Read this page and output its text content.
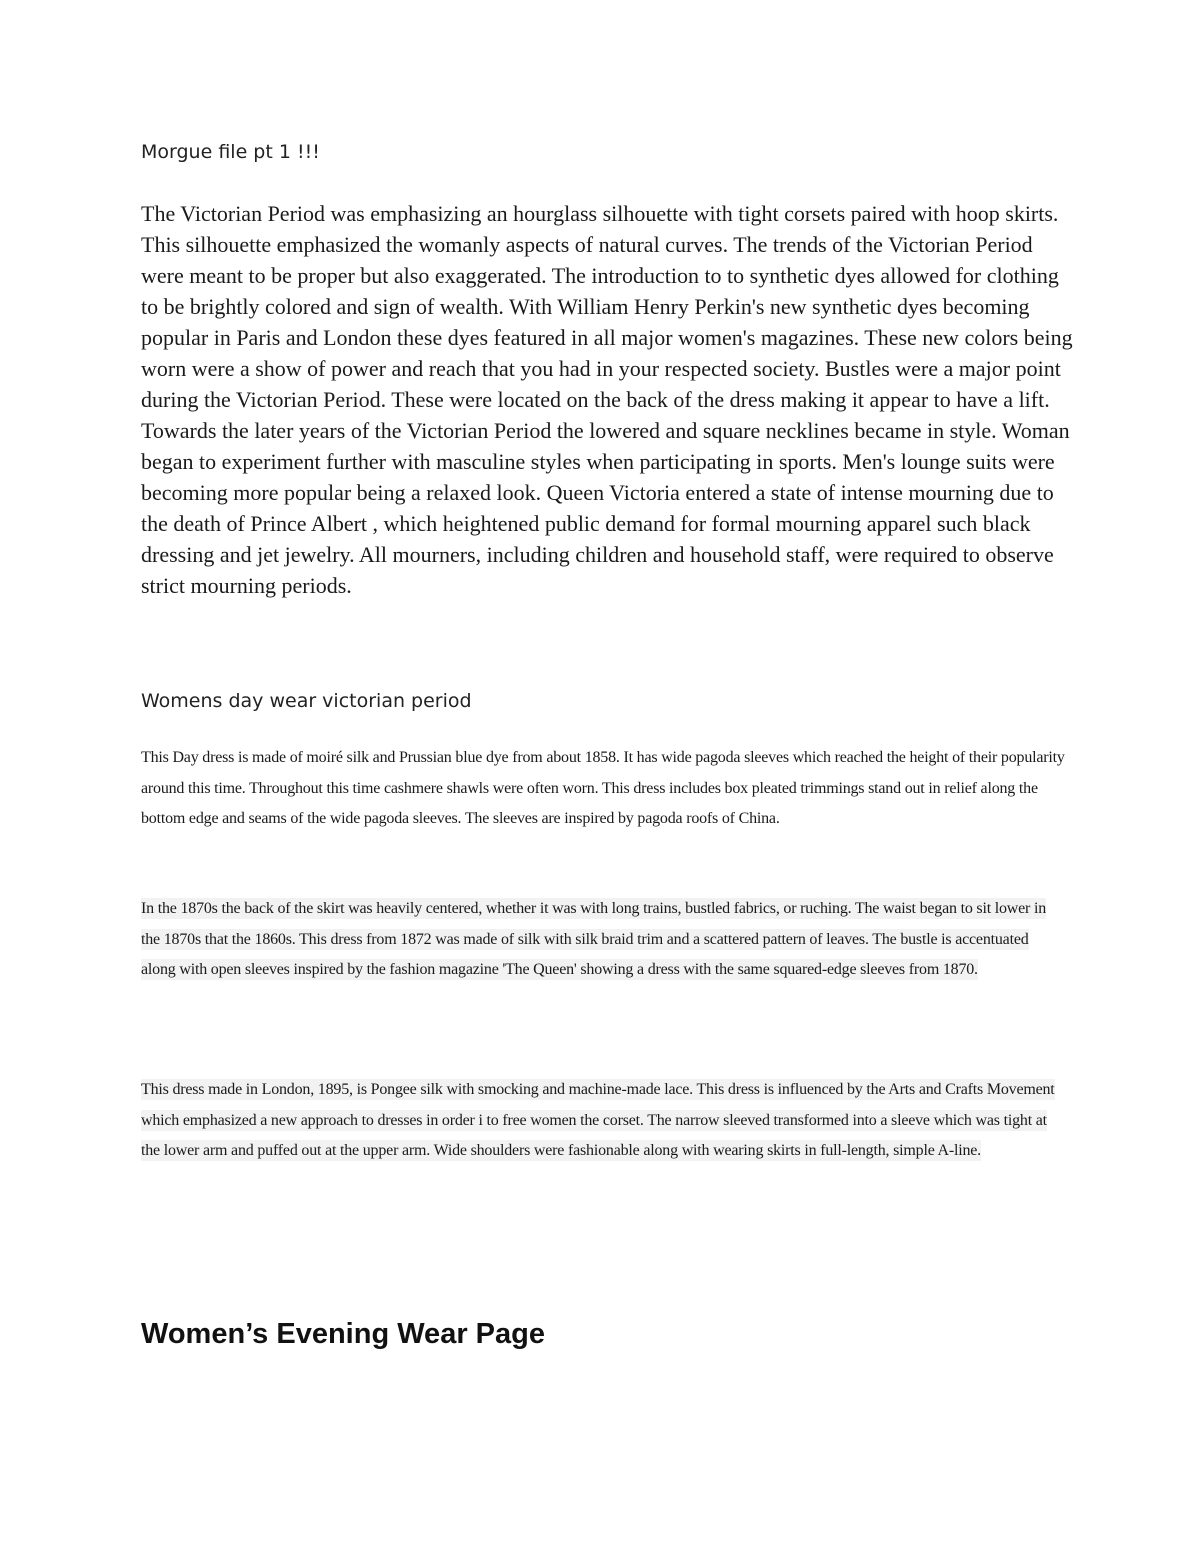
Morgue file pt 1 !!!

The Victorian Period was emphasizing an hourglass silhouette with tight corsets paired with hoop skirts. This silhouette emphasized the womanly aspects of natural curves. The trends of the Victorian Period were meant to be proper but also exaggerated. The introduction to to synthetic dyes allowed for clothing to be brightly colored and sign of wealth. With William Henry Perkin's new synthetic dyes becoming popular in Paris and London these dyes featured in all major women's magazines. These new colors being worn were a show of power and reach that you had in your respected society. Bustles were a major point during the Victorian Period. These were located on the back of the dress making it appear to have a lift. Towards the later years of the Victorian Period the lowered and square necklines became in style. Woman began to experiment further with masculine styles when participating in sports. Men's lounge suits were becoming more popular being a relaxed look. Queen Victoria entered a state of intense mourning due to the death of Prince Albert , which heightened public demand for formal mourning apparel such black dressing and jet jewelry. All mourners, including children and household staff, were required to observe strict mourning periods.

Womens day wear victorian period

This Day dress is made of moiré silk and Prussian blue dye from about 1858. It has wide pagoda sleeves which reached the height of their popularity around this time. Throughout this time cashmere shawls were often worn. This dress includes box pleated trimmings stand out in relief along the bottom edge and seams of the wide pagoda sleeves. The sleeves are inspired by pagoda roofs of China.

In the 1870s the back of the skirt was heavily centered, whether it was with long trains, bustled fabrics, or ruching. The waist began to sit lower in the 1870s that the 1860s. This dress from 1872 was made of silk with silk braid trim and a scattered pattern of leaves. The bustle is accentuated along with open sleeves inspired by the fashion magazine 'The Queen' showing a dress with the same squared-edge sleeves from 1870.

This dress made in London, 1895, is Pongee silk with smocking and machine-made lace. This dress is influenced by the Arts and Crafts Movement which emphasized a new approach to dresses in order i to free women the corset. The narrow sleeved transformed into a sleeve which was tight at the lower arm and puffed out at the upper arm. Wide shoulders were fashionable along with wearing skirts in full-length, simple A-line.

Women’s Evening Wear Page
